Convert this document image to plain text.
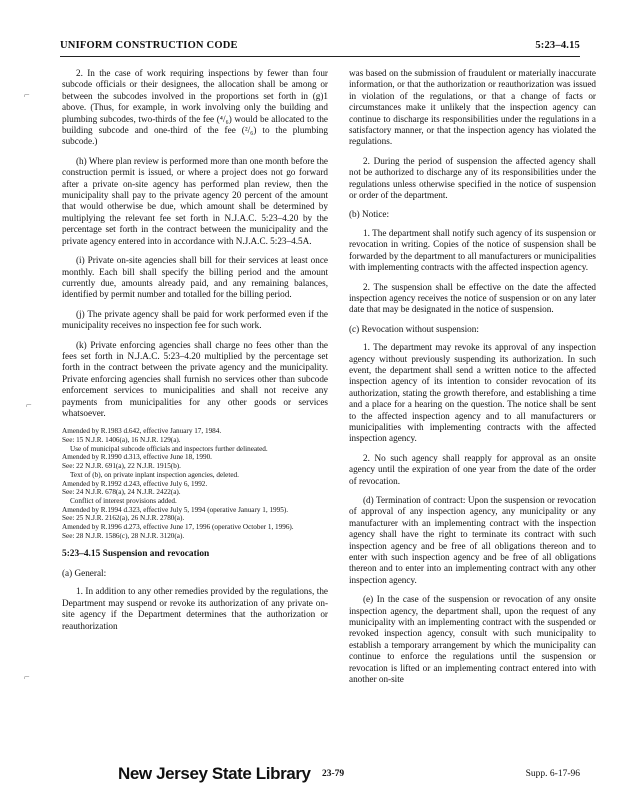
UNIFORM CONSTRUCTION CODE	5:23–4.15
⌐
⌐
⌐

2. In the case of work requiring inspections by fewer than four subcode officials or their designees, the allocation shall be among or between the subcodes involved in the proportions set forth in (g)1 above. (Thus, for example, in work involving only the building and plumbing subcodes, two-thirds of the fee (⁴/₆) would be allocated to the building subcode and one-third of the fee (²/₆) to the plumbing subcode.)

(h) Where plan review is performed more than one month before the construction permit is issued, or where a project does not go forward after a private on-site agency has performed plan review, then the municipality shall pay to the private agency 20 percent of the amount that would otherwise be due, which amount shall be determined by multiplying the relevant fee set forth in N.J.A.C. 5:23–4.20 by the percentage set forth in the contract between the municipality and the private agency entered into in accordance with N.J.A.C. 5:23–4.5A.

(i) Private on-site agencies shall bill for their services at least once monthly. Each bill shall specify the billing period and the amount currently due, amounts already paid, and any remaining balances, identified by permit number and totalled for the billing period.

(j) The private agency shall be paid for work performed even if the municipality receives no inspection fee for such work.

(k) Private enforcing agencies shall charge no fees other than the fees set forth in N.J.A.C. 5:23–4.20 multiplied by the percentage set forth in the contract between the private agency and the municipality. Private enforcing agencies shall furnish no services other than subcode enforcement services to municipalities and shall not receive any payments from municipalities for any other goods or services whatsoever.

Amended by R.1983 d.642, effective January 17, 1984.
See: 15 N.J.R. 1406(a), 16 N.J.R. 129(a).
Use of municipal subcode officials and inspectors further delineated.
Amended by R.1990 d.313, effective June 18, 1990.
See: 22 N.J.R. 691(a), 22 N.J.R. 1915(b).
Text of (b), on private inplant inspection agencies, deleted.
Amended by R.1992 d.243, effective July 6, 1992.
See: 24 N.J.R. 678(a), 24 N.J.R. 2422(a).
Conflict of interest provisions added.
Amended by R.1994 d.323, effective July 5, 1994 (operative January 1, 1995).
See: 25 N.J.R. 2162(a), 26 N.J.R. 2780(a).
Amended by R.1996 d.273, effective June 17, 1996 (operative October 1, 1996).
See: 28 N.J.R. 1586(c), 28 N.J.R. 3120(a).

5:23–4.15 Suspension and revocation

(a) General:

1. In addition to any other remedies provided by the regulations, the Department may suspend or revoke its authorization of any private on-site agency if the Department determines that the authorization or reauthorization

was based on the submission of fraudulent or materially inaccurate information, or that the authorization or reauthorization was issued in violation of the regulations, or that a change of facts or circumstances make it unlikely that the inspection agency can continue to discharge its responsibilities under the regulations in a satisfactory manner, or that the inspection agency has violated the regulations.

2. During the period of suspension the affected agency shall not be authorized to discharge any of its responsibilities under the regulations unless otherwise specified in the notice of suspension or order of the department.

(b) Notice:

1. The department shall notify such agency of its suspension or revocation in writing. Copies of the notice of suspension shall be forwarded by the department to all manufacturers or municipalities with implementing contracts with the affected inspection agency.

2. The suspension shall be effective on the date the affected inspection agency receives the notice of suspension or on any later date that may be designated in the notice of suspension.

(c) Revocation without suspension:

1. The department may revoke its approval of any inspection agency without previously suspending its authorization. In such event, the department shall send a written notice to the affected inspection agency of its intention to consider revocation of its authorization, stating the growth therefore, and establishing a time and a place for a hearing on the question. The notice shall be sent to the affected inspection agency and to all manufacturers or municipalities with implementing contracts with the affected inspection agency.

2. No such agency shall reapply for approval as an onsite agency until the expiration of one year from the date of the order of revocation.

(d) Termination of contract: Upon the suspension or revocation of approval of any inspection agency, any municipality or any manufacturer with an implementing contract with the inspection agency shall have the right to terminate its contract with such inspection agency and be free of all obligations thereon and to enter with such inspection agency and be free of all obligations thereon and to enter into an implementing contract with any other inspection agency.

(e) In the case of the suspension or revocation of any onsite inspection agency, the department shall, upon the request of any municipality with an implementing contract with the suspended or revoked inspection agency, consult with such municipality to establish a temporary arrangement by which the municipality can continue to enforce the regulations until the suspension or revocation is lifted or an implementing contract entered into with another on-site

New Jersey State Library 23-79	Supp. 6-17-96
